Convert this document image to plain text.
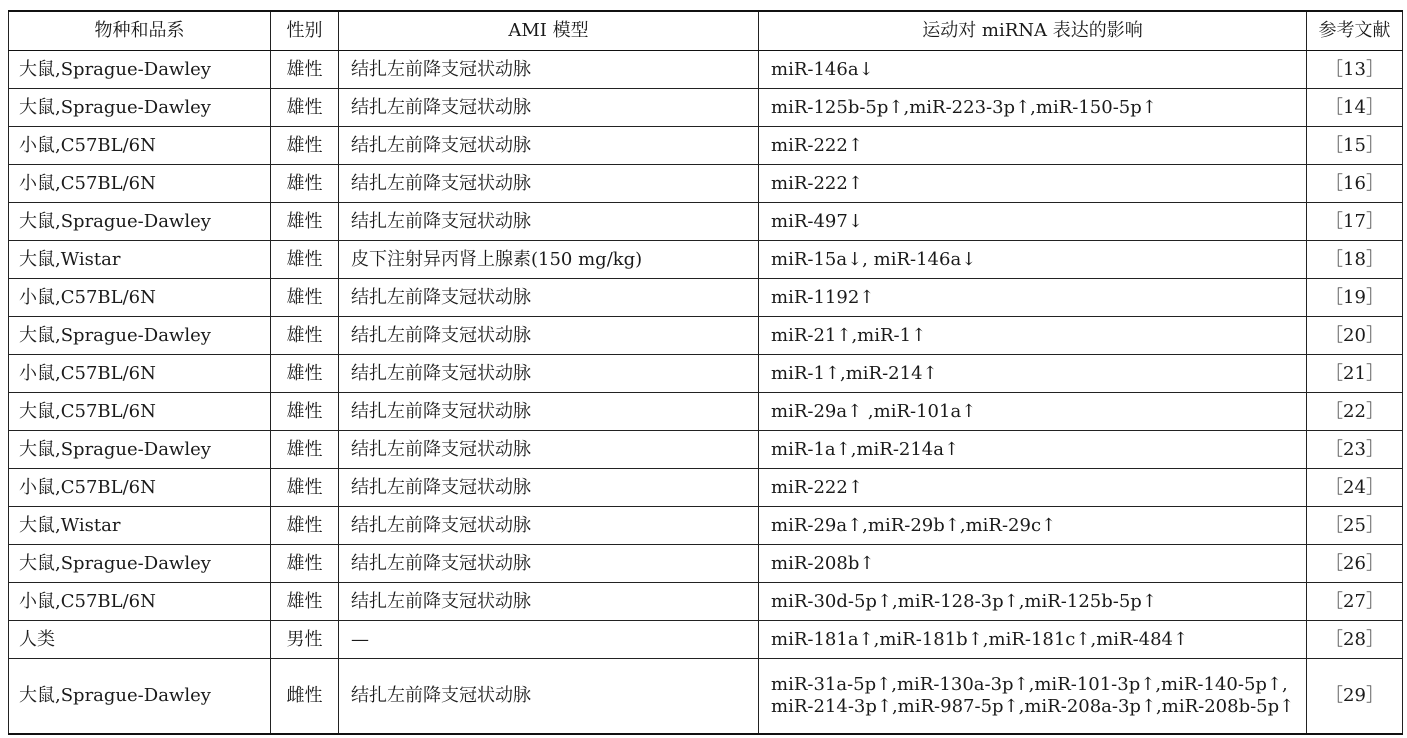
物种和品系	性别	AMI 模型	运动对 miRNA 表达的影响	参考文献
大鼠,Sprague-Dawley	雄性	结扎左前降支冠状动脉	miR-146a↓	［13］
大鼠,Sprague-Dawley	雄性	结扎左前降支冠状动脉	miR-125b-5p↑,miR-223-3p↑,miR-150-5p↑	［14］
小鼠,C57BL/6N	雄性	结扎左前降支冠状动脉	miR-222↑	［15］
小鼠,C57BL/6N	雄性	结扎左前降支冠状动脉	miR-222↑	［16］
大鼠,Sprague-Dawley	雄性	结扎左前降支冠状动脉	miR-497↓	［17］
大鼠,Wistar	雄性	皮下注射异丙肾上腺素(150 mg/kg)	miR-15a↓, miR-146a↓	［18］
小鼠,C57BL/6N	雄性	结扎左前降支冠状动脉	miR-1192↑	［19］
大鼠,Sprague-Dawley	雄性	结扎左前降支冠状动脉	miR-21↑,miR-1↑	［20］
小鼠,C57BL/6N	雄性	结扎左前降支冠状动脉	miR-1↑,miR-214↑	［21］
大鼠,C57BL/6N	雄性	结扎左前降支冠状动脉	miR-29a↑ ,miR-101a↑	［22］
大鼠,Sprague-Dawley	雄性	结扎左前降支冠状动脉	miR-1a↑,miR-214a↑	［23］
小鼠,C57BL/6N	雄性	结扎左前降支冠状动脉	miR-222↑	［24］
大鼠,Wistar	雄性	结扎左前降支冠状动脉	miR-29a↑,miR-29b↑,miR-29c↑	［25］
大鼠,Sprague-Dawley	雄性	结扎左前降支冠状动脉	miR-208b↑	［26］
小鼠,C57BL/6N	雄性	结扎左前降支冠状动脉	miR-30d-5p↑,miR-128-3p↑,miR-125b-5p↑	［27］
人类	男性	—	miR-181a↑,miR-181b↑,miR-181c↑,miR-484↑	［28］
大鼠,Sprague-Dawley	雌性	结扎左前降支冠状动脉	miR-31a-5p↑,miR-130a-3p↑,miR-101-3p↑,miR-140-5p↑, miR-214-3p↑,miR-987-5p↑,miR-208a-3p↑,miR-208b-5p↑	［29］
